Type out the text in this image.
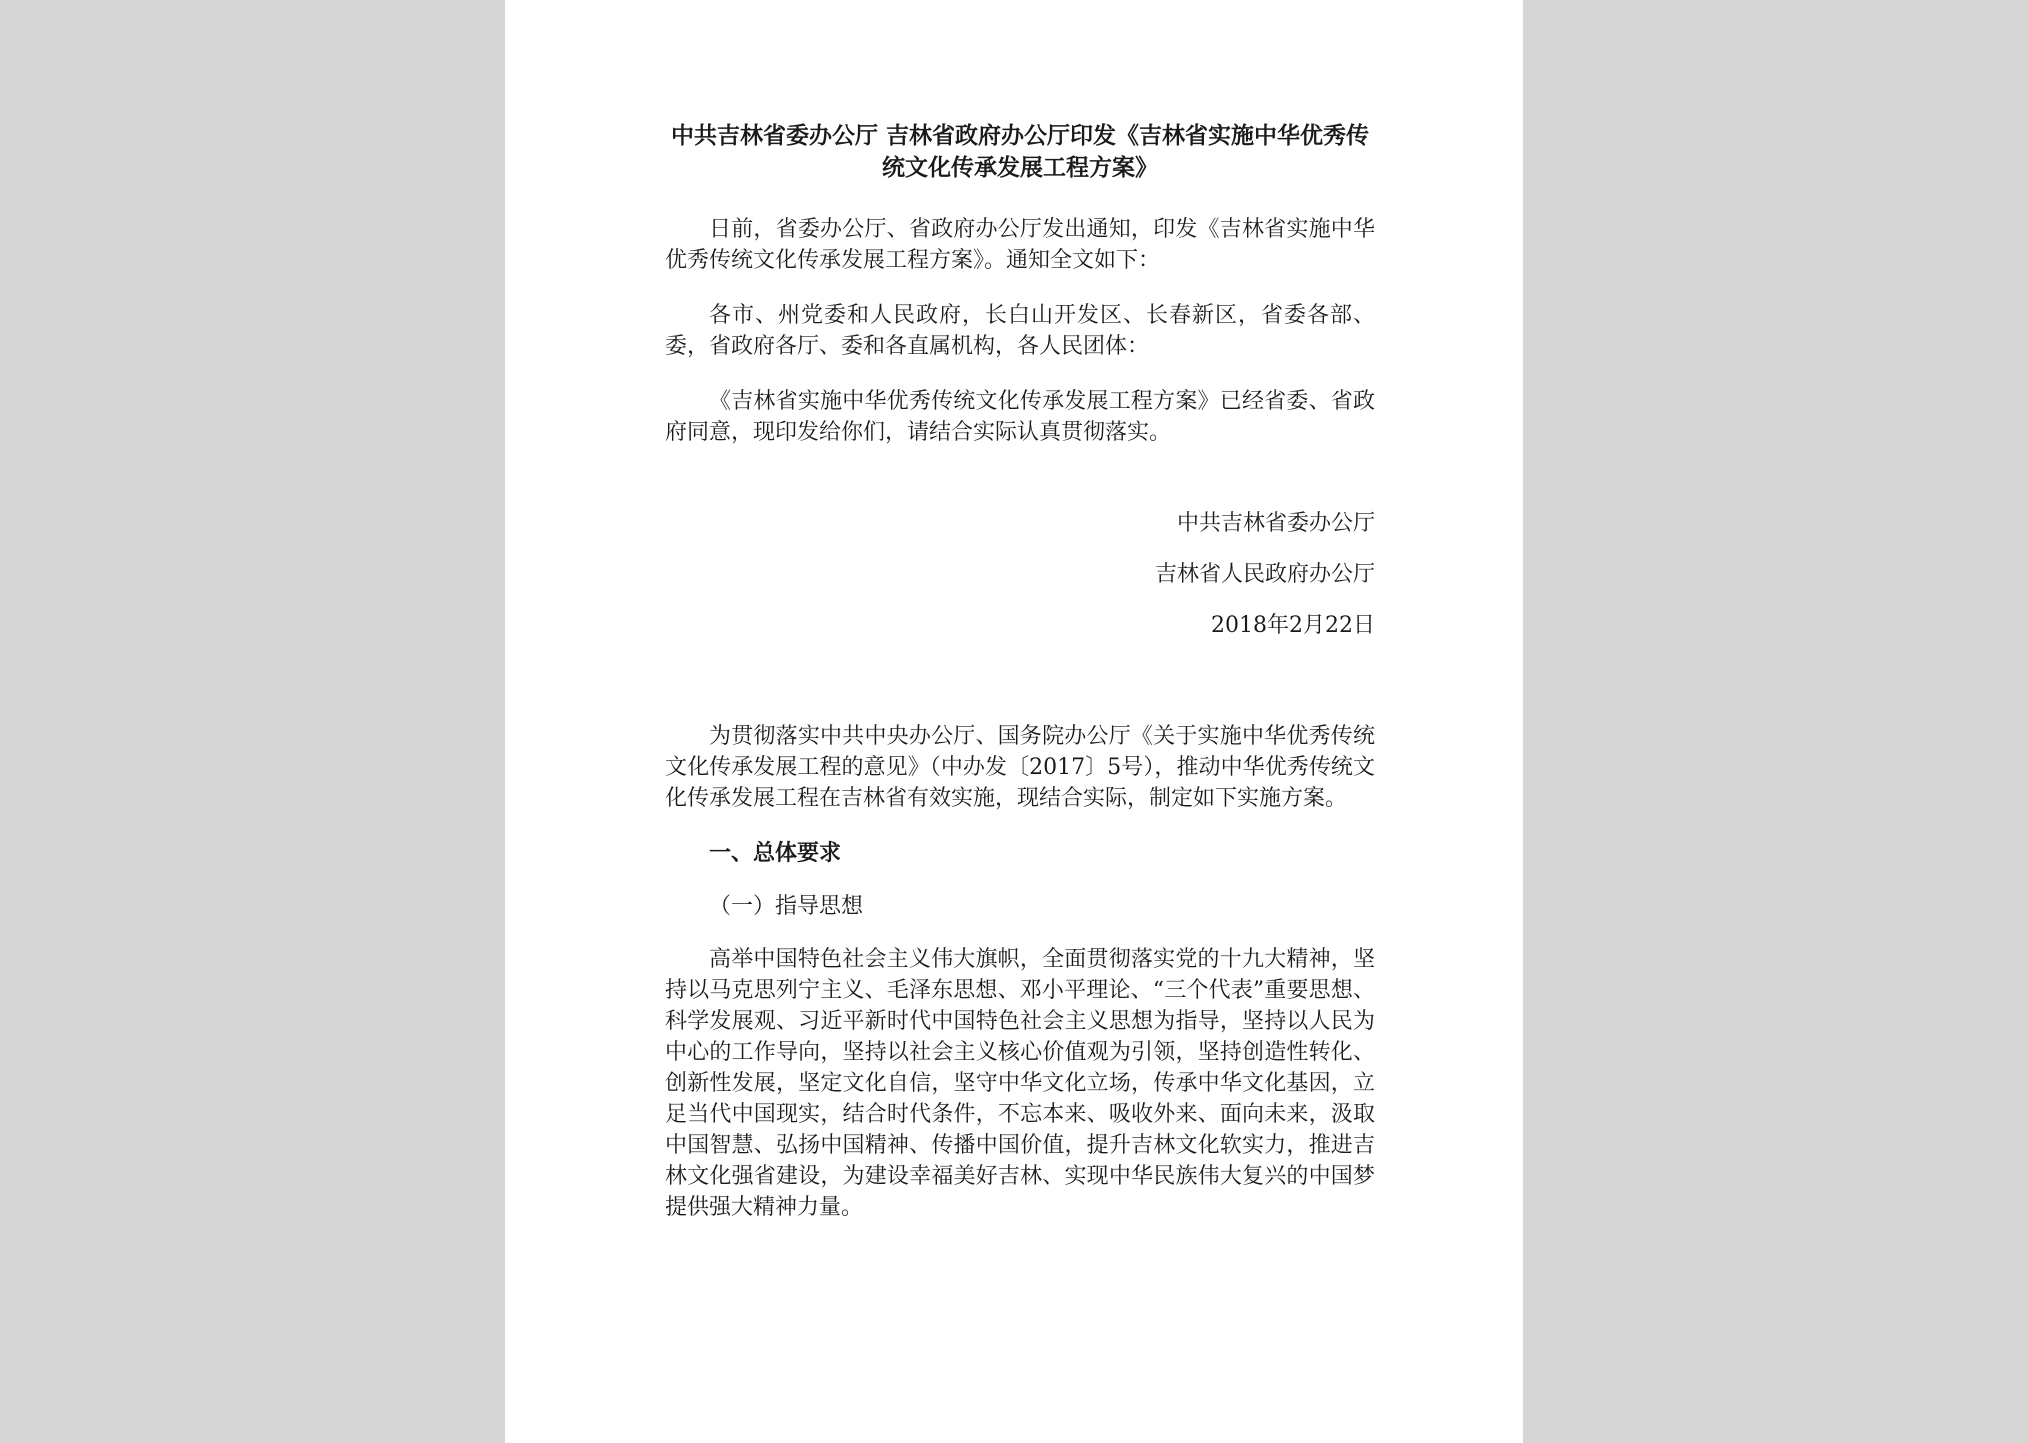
中共吉林省委办公厅 吉林省政府办公厅印发《吉林省实施中华优秀传统文化传承发展工程方案》

日前，省委办公厅、省政府办公厅发出通知，印发《吉林省实施中华优秀传统文化传承发展工程方案》。通知全文如下：

各市、州党委和人民政府，长白山开发区、长春新区，省委各部、委，省政府各厅、委和各直属机构，各人民团体：

《吉林省实施中华优秀传统文化传承发展工程方案》已经省委、省政府同意，现印发给你们，请结合实际认真贯彻落实。

中共吉林省委办公厅
吉林省人民政府办公厅
2018年2月22日

为贯彻落实中共中央办公厅、国务院办公厅《关于实施中华优秀传统文化传承发展工程的意见》（中办发〔2017〕5号），推动中华优秀传统文化传承发展工程在吉林省有效实施，现结合实际，制定如下实施方案。

一、总体要求
（一）指导思想

高举中国特色社会主义伟大旗帜，全面贯彻落实党的十九大精神，坚持以马克思列宁主义、毛泽东思想、邓小平理论、“三个代表”重要思想、科学发展观、习近平新时代中国特色社会主义思想为指导，坚持以人民为中心的工作导向，坚持以社会主义核心价值观为引领，坚持创造性转化、创新性发展，坚定文化自信，坚守中华文化立场，传承中华文化基因，立足当代中国现实，结合时代条件，不忘本来、吸收外来、面向未来，汲取中国智慧、弘扬中国精神、传播中国价值，提升吉林文化软实力，推进吉林文化强省建设，为建设幸福美好吉林、实现中华民族伟大复兴的中国梦提供强大精神力量。
